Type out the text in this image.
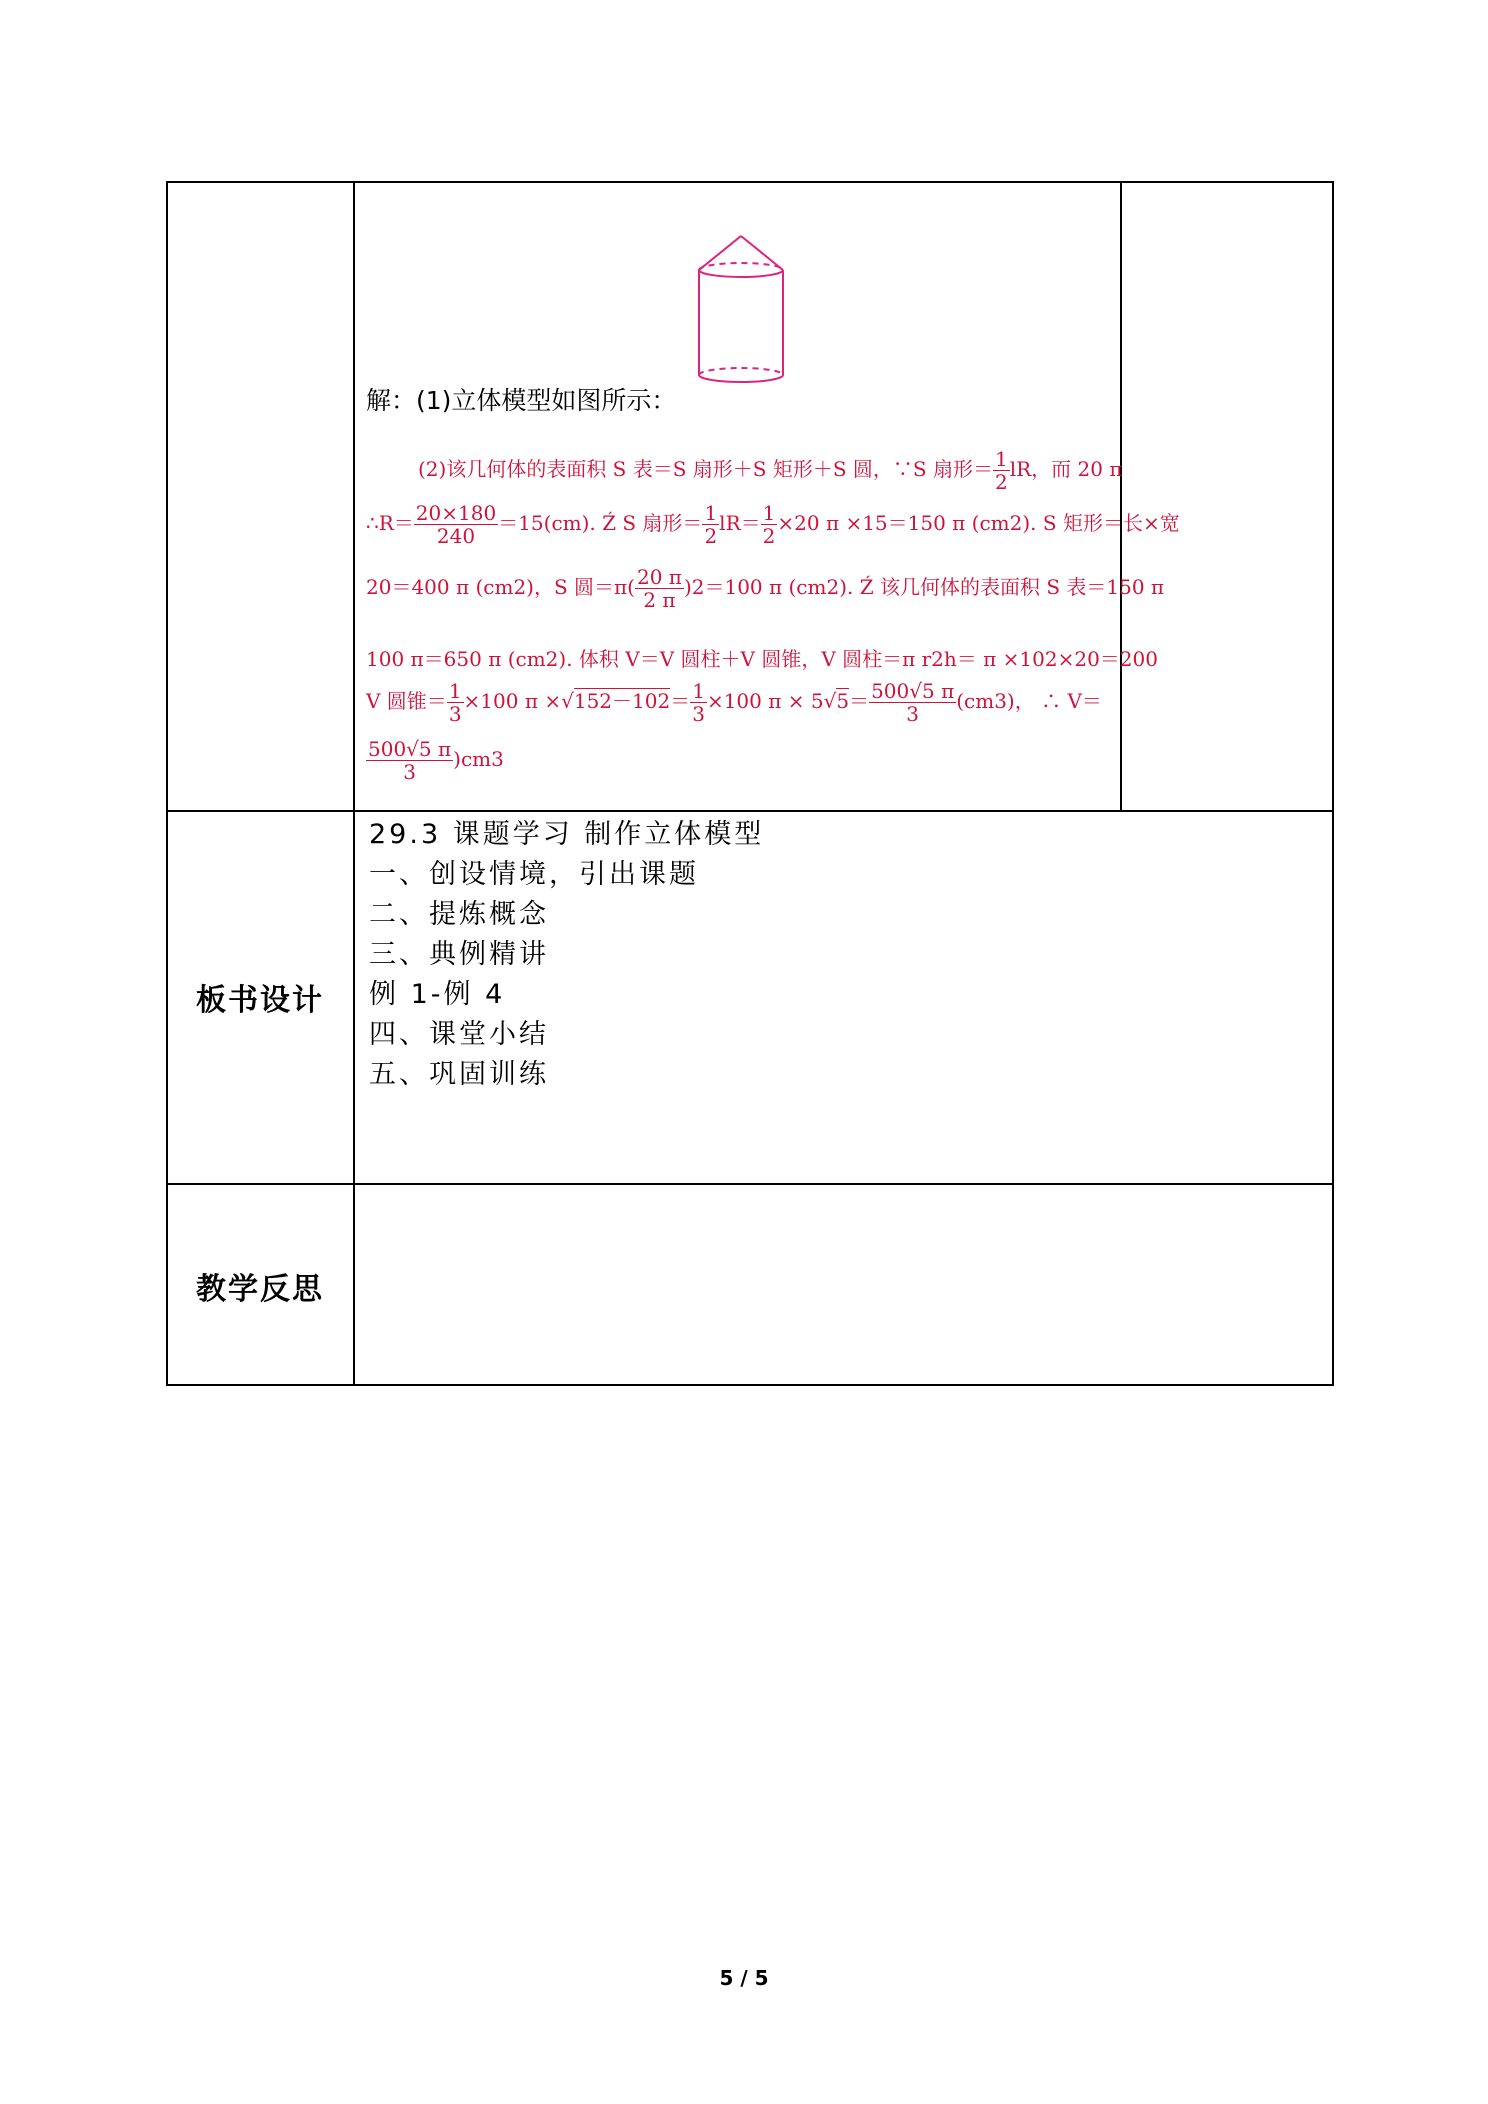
解：(1)立体模型如图所示：
(2)该几何体的表面积 S 表＝S 扇形＋S 矩形＋S 圆，∵S 扇形＝ $\frac{1}{2}$ lR，而 20 π
∴R＝ $\frac{20\times 180}{240} =15(cm)$. Ź S 扇形＝ $\frac{1}{2} lR= \frac{1}{2} \times 20$ π ×15＝150 π (cm2). S 矩形＝长×宽
20＝400 π (cm2)，S 圆$=\pi( \frac{20 \pi}{2 \pi} )2=100$ π (cm2). Ź 该几何体的表面积 S 表＝150 π
100 π＝650 π (cm2). 体积 V＝V 圆柱＋V 圆锥，V 圆柱＝π r2h＝ π ×102×20＝200
V 圆锥＝ $\frac{1}{3} \times 100$ $\pi \times√152-102= \frac{1}{3} \times 100$ $\pi \times 5√5= \frac{500√5 \pi}{3} (cm3)$， ∴ V＝
$\frac{500√5 \pi}{3} )cm3$
板书设计
29.3 课题学习 制作立体模型
一、创设情境，引出课题
二、提炼概念
三、典例精讲
例 1-例 4
四、课堂小结
五、巩固训练
教学反思
5 / 5
